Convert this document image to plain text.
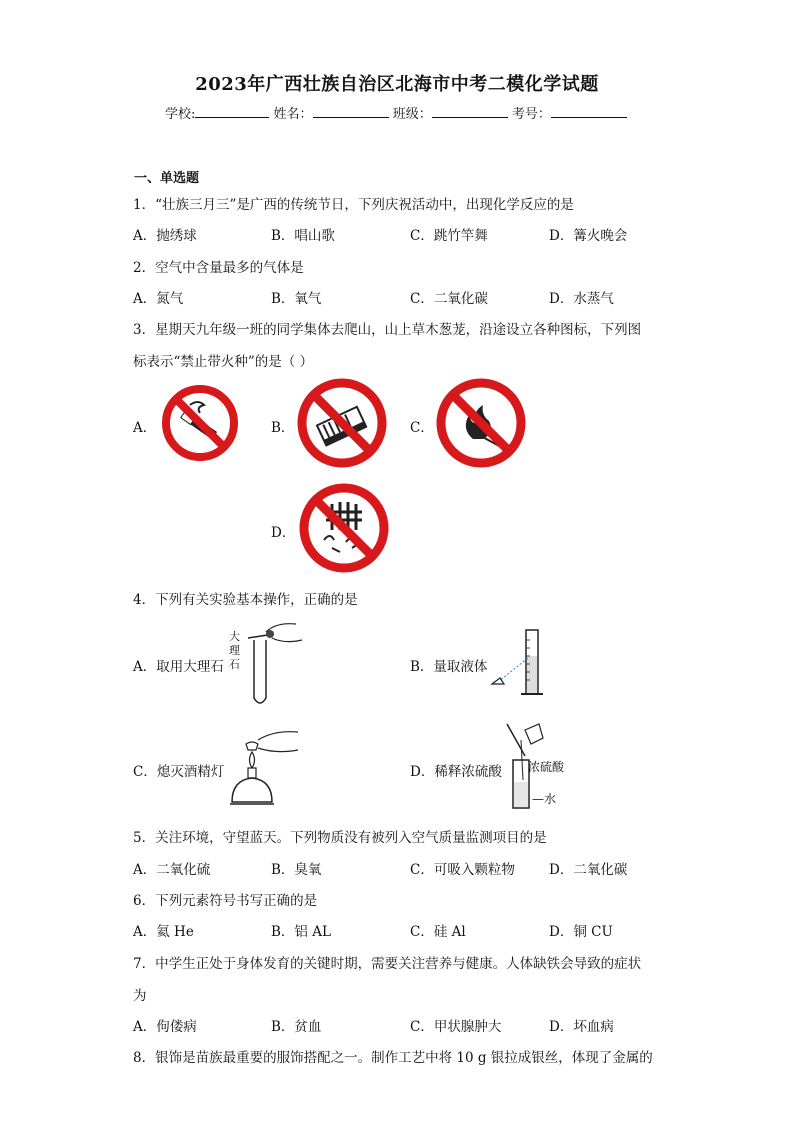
2023年广西壮族自治区北海市中考二模化学试题
学校:	姓名：	班级：	考号：
一、单选题
1．“壮族三月三”是广西的传统节日，下列庆祝活动中，出现化学反应的是
A．抛绣球	B．唱山歌	C．跳竹竿舞	D．篝火晚会
2．空气中含量最多的气体是
A．氮气	B．氧气	C．二氧化碳	D．水蒸气
3．星期天九年级一班的同学集体去爬山，山上草木葱茏，沿途设立各种图标，下列图
标表示“禁止带火种”的是（ ）
A．	B．	C．
D．
4．下列有关实验基本操作，正确的是
A．取用大理石
大
理
石	B．量取液体
C．熄灭酒精灯	D．稀释浓硫酸 浓硫酸
—水
5．关注环境，守望蓝天。下列物质没有被列入空气质量监测项目的是
A．二氧化硫	B．臭氧	C．可吸入颗粒物	D．二氧化碳
6．下列元素符号书写正确的是
A．氦 He	B．铝 AL	C．硅 Al	D．铜 CU
7．中学生正处于身体发育的关键时期，需要关注营养与健康。人体缺铁会导致的症状
为
A．佝偻病	B．贫血	C．甲状腺肿大	D．坏血病
8．银饰是苗族最重要的服饰搭配之一。制作工艺中将 10 g 银拉成银丝，体现了金属的
